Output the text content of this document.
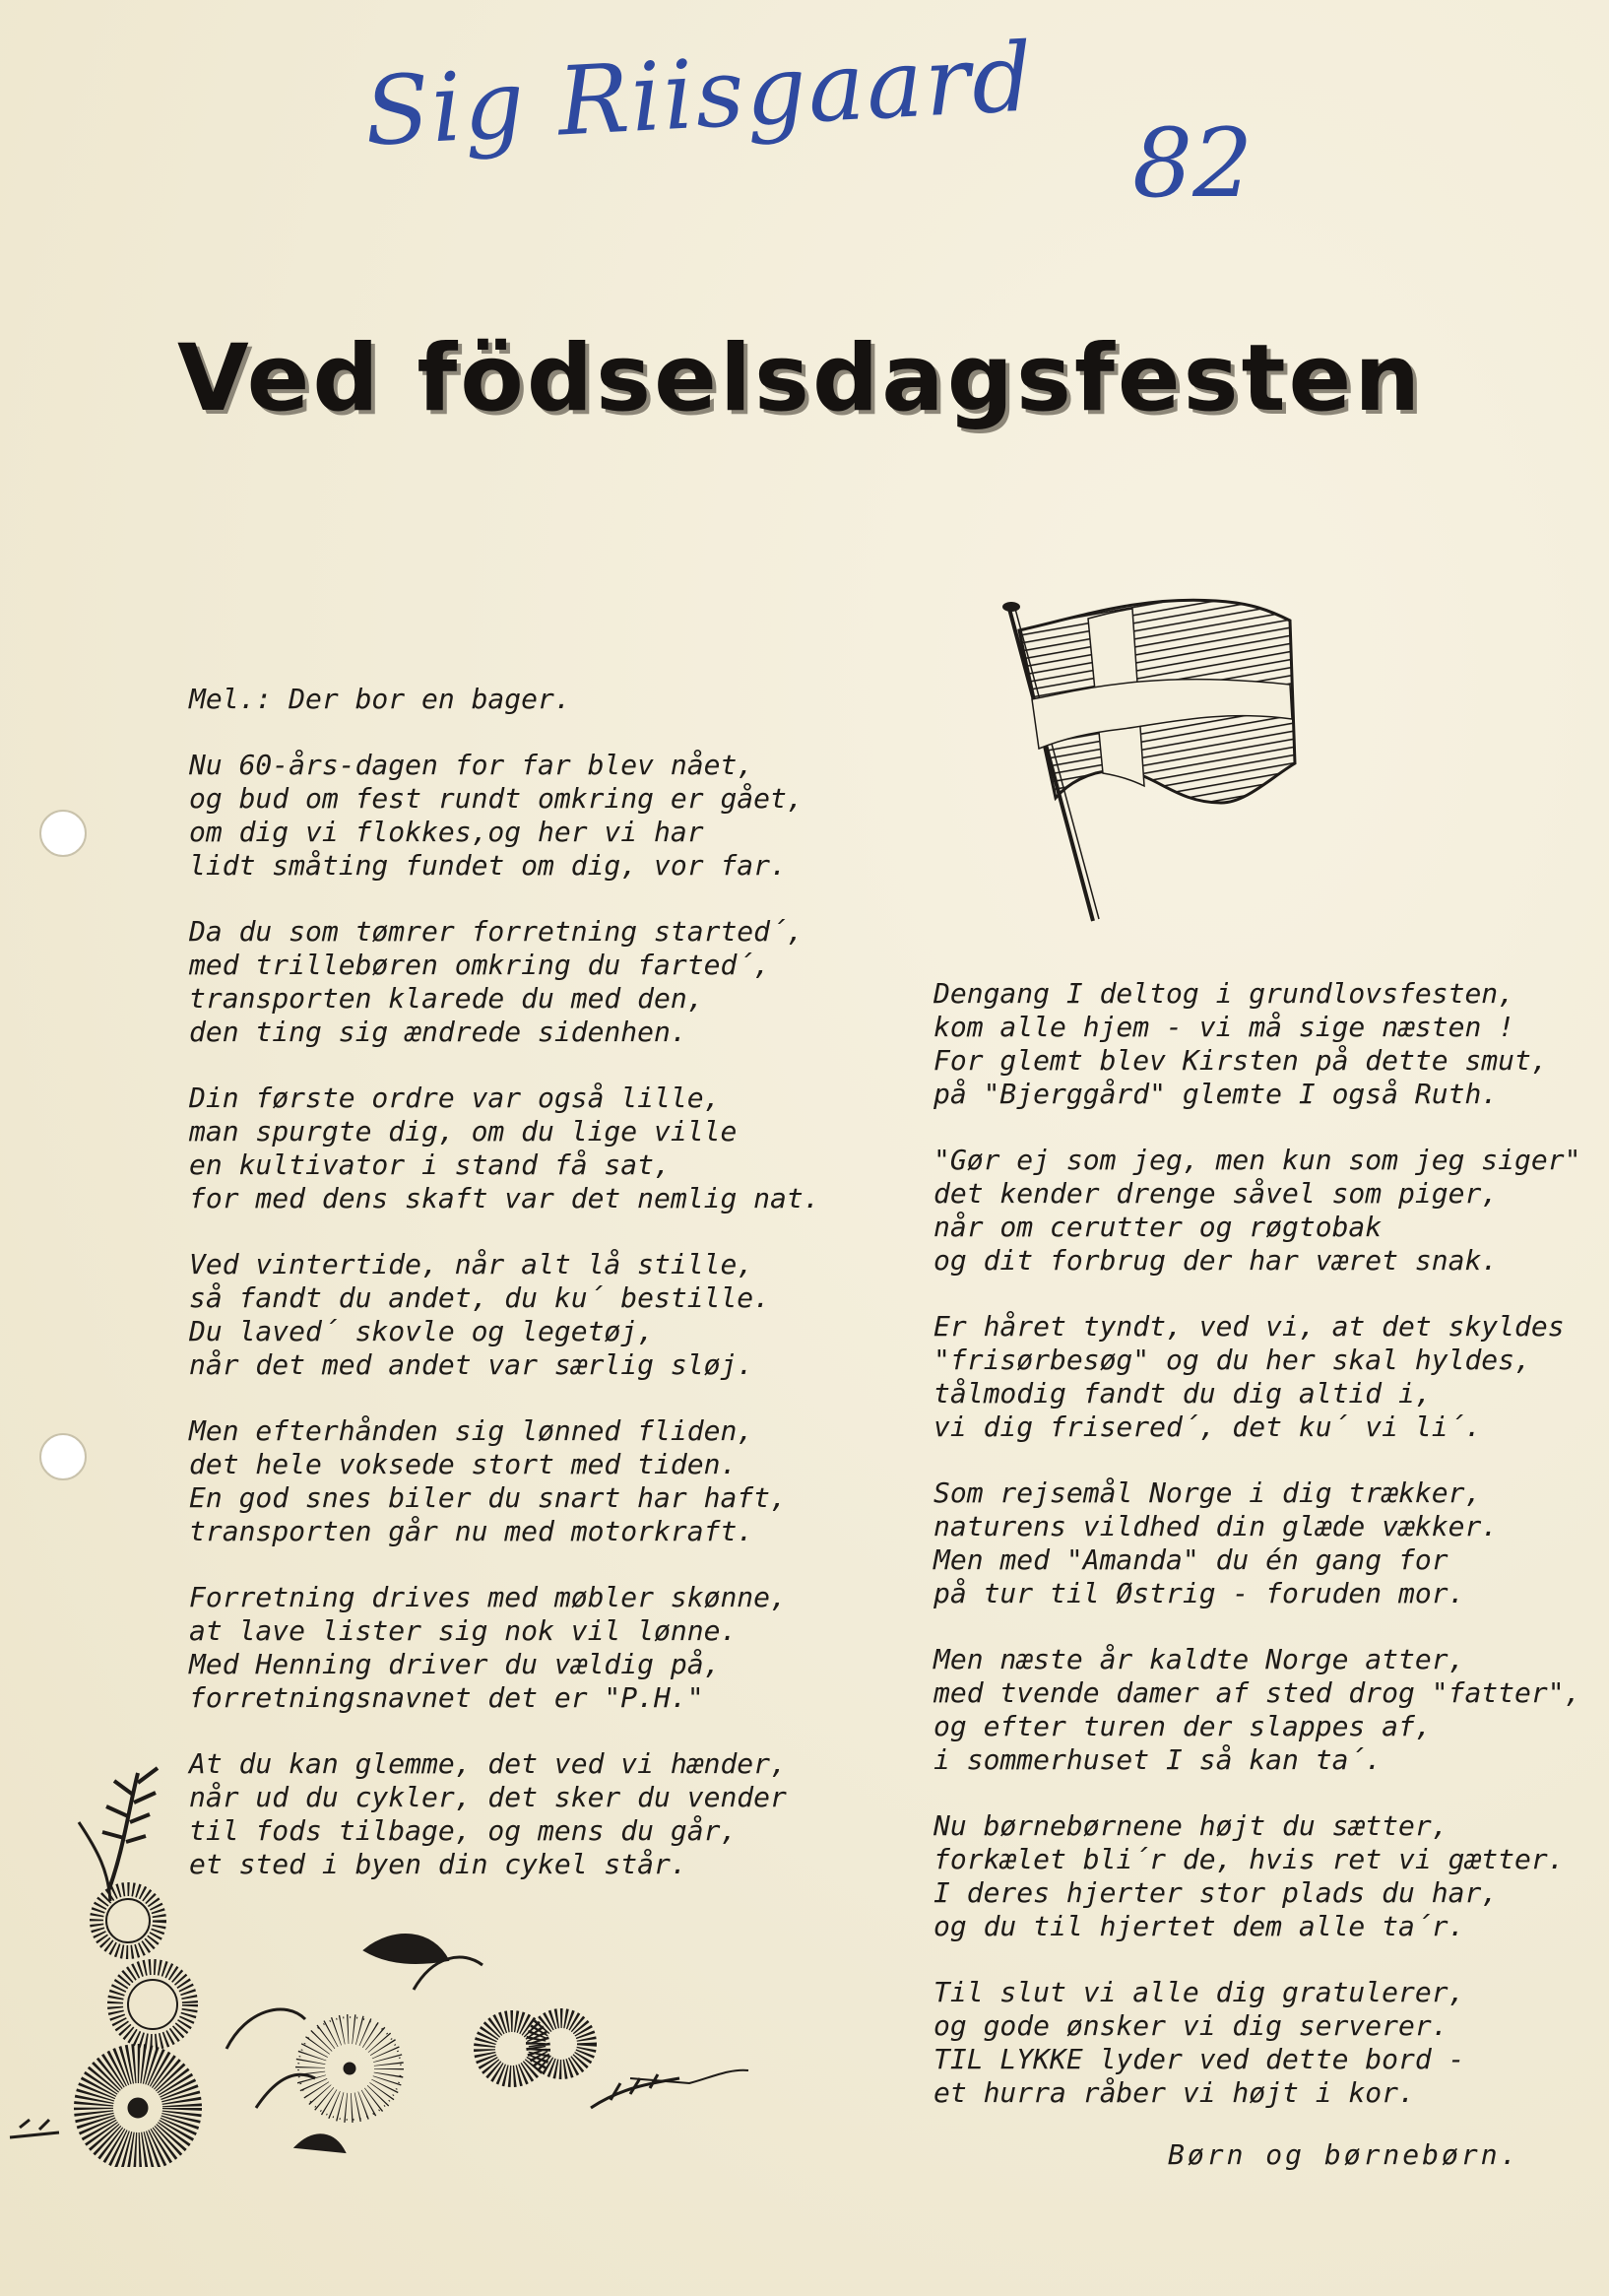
Sig Riisgaard 82
Ved födselsdagsfesten
Mel.: Der bor en bager.
Nu 60-års-dagen for far blev nået,
og bud om fest rundt omkring er gået,
om dig vi flokkes,og her vi har
lidt småting fundet om dig, vor far.
Da du som tømrer forretning started´,
med trillebøren omkring du farted´,
transporten klarede du med den,
den ting sig ændrede sidenhen.
Din første ordre var også lille,
man spurgte dig, om du lige ville
en kultivator i stand få sat,
for med dens skaft var det nemlig nat.
Ved vintertide, når alt lå stille,
så fandt du andet, du ku´ bestille.
Du laved´ skovle og legetøj,
når det med andet var særlig sløj.
Men efterhånden sig lønned fliden,
det hele voksede stort med tiden.
En god snes biler du snart har haft,
transporten går nu med motorkraft.
Forretning drives med møbler skønne,
at lave lister sig nok vil lønne.
Med Henning driver du vældig på,
forretningsnavnet det er "P.H."
At du kan glemme, det ved vi hænder,
når ud du cykler, det sker du vender
til fods tilbage, og mens du går,
et sted i byen din cykel står.
Dengang I deltog i grundlovsfesten,
kom alle hjem - vi må sige næsten !
For glemt blev Kirsten på dette smut,
på "Bjerggård" glemte I også Ruth.
"Gør ej som jeg, men kun som jeg siger"
det kender drenge såvel som piger,
når om cerutter og røgtobak
og dit forbrug der har været snak.
Er håret tyndt, ved vi, at det skyldes
"frisørbesøg" og du her skal hyldes,
tålmodig fandt du dig altid i,
vi dig frisered´, det ku´ vi li´.
Som rejsemål Norge i dig trækker,
naturens vildhed din glæde vækker.
Men med "Amanda" du én gang for
på tur til Østrig - foruden mor.
Men næste år kaldte Norge atter,
med tvende damer af sted drog "fatter",
og efter turen der slappes af,
i sommerhuset I så kan ta´.
Nu børnebørnene højt du sætter,
forkælet bli´r de, hvis ret vi gætter.
I deres hjerter stor plads du har,
og du til hjertet dem alle ta´r.
Til slut vi alle dig gratulerer,
og gode ønsker vi dig serverer.
TIL LYKKE lyder ved dette bord -
et hurra råber vi højt i kor.
Børn og børnebørn.
